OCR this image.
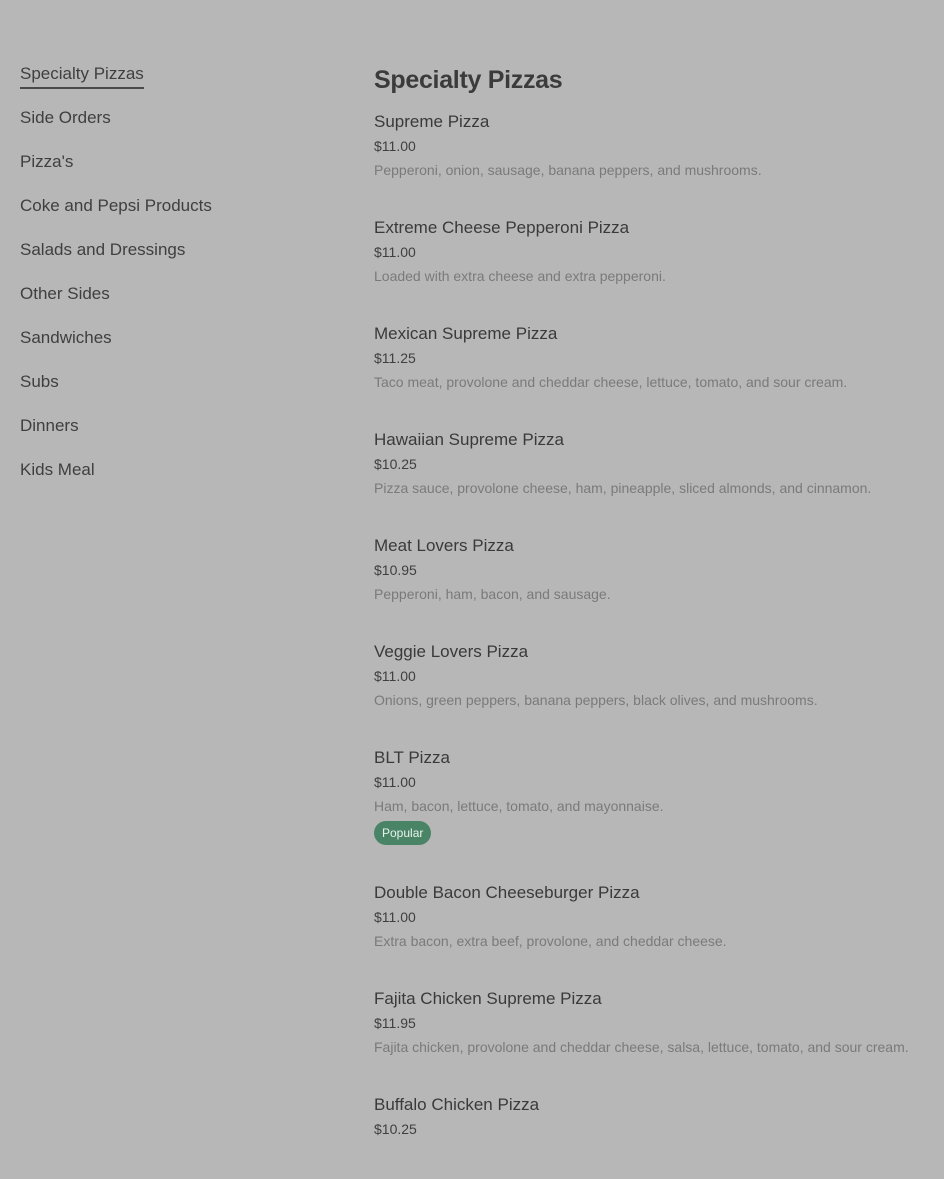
Specialty Pizzas
Side Orders
Pizza's
Coke and Pepsi Products
Salads and Dressings
Other Sides
Sandwiches
Subs
Dinners
Kids Meal
Specialty Pizzas
Supreme Pizza
$11.00
Pepperoni, onion, sausage, banana peppers, and mushrooms.
Extreme Cheese Pepperoni Pizza
$11.00
Loaded with extra cheese and extra pepperoni.
Mexican Supreme Pizza
$11.25
Taco meat, provolone and cheddar cheese, lettuce, tomato, and sour cream.
Hawaiian Supreme Pizza
$10.25
Pizza sauce, provolone cheese, ham, pineapple, sliced almonds, and cinnamon.
Meat Lovers Pizza
$10.95
Pepperoni, ham, bacon, and sausage.
Veggie Lovers Pizza
$11.00
Onions, green peppers, banana peppers, black olives, and mushrooms.
BLT Pizza
$11.00
Ham, bacon, lettuce, tomato, and mayonnaise.
Popular
Double Bacon Cheeseburger Pizza
$11.00
Extra bacon, extra beef, provolone, and cheddar cheese.
Fajita Chicken Supreme Pizza
$11.95
Fajita chicken, provolone and cheddar cheese, salsa, lettuce, tomato, and sour cream.
Buffalo Chicken Pizza
$10.25
